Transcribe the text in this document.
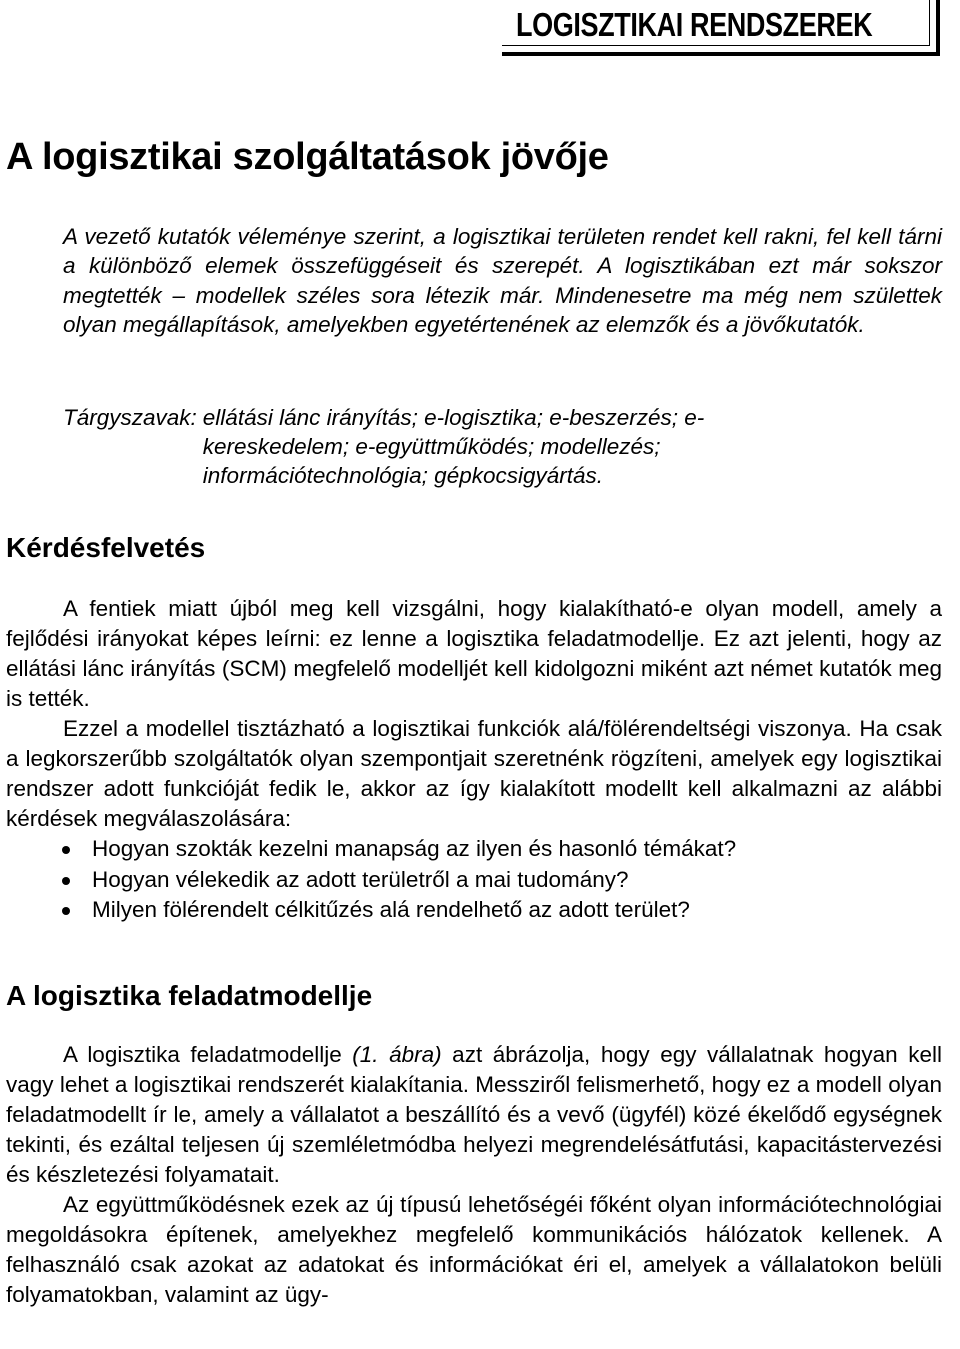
LOGISZTIKAI RENDSZEREK
A logisztikai szolgáltatások jövője

A vezető kutatók véleménye szerint, a logisztikai területen rendet kell rakni, fel kell tárni a különböző elemek összefüggéseit és szerepét. A logisztikában ezt már sokszor megtették – modellek széles sora létezik már. Mindenesetre ma még nem születtek olyan megállapítások, amelyekben egyetértenének az elemzők és a jövőkutatók.

Tárgyszavak: ellátási lánc irányítás; e-logisztika; e-beszerzés; e-kereskedelem; e-együttműködés; modellezés; információtechnológia; gépkocsigyártás.
Kérdésfelvetés

A fentiek miatt újból meg kell vizsgálni, hogy kialakítható-e olyan modell, amely a fejlődési irányokat képes leírni: ez lenne a logisztika feladatmodellje. Ez azt jelenti, hogy az ellátási lánc irányítás (SCM) megfelelő modelljét kell kidolgozni miként azt német kutatók meg is tették.

Ezzel a modellel tisztázható a logisztikai funkciók alá/fölérendeltségi viszonya. Ha csak a legkorszerűbb szolgáltatók olyan szempontjait szeretnénk rögzíteni, amelyek egy logisztikai rendszer adott funkcióját fedik le, akkor az így kialakított modellt kell alkalmazni az alábbi kérdések megválaszolására:

Hogyan szokták kezelni manapság az ilyen és hasonló témákat?
Hogyan vélekedik az adott területről a mai tudomány?
Milyen fölérendelt célkitűzés alá rendelhető az adott terület?
A logisztika feladatmodellje

A logisztika feladatmodellje (1. ábra) azt ábrázolja, hogy egy vállalatnak hogyan kell vagy lehet a logisztikai rendszerét kialakítania. Messziről felismerhető, hogy ez a modell olyan feladatmodellt ír le, amely a vállalatot a beszállító és a vevő (ügyfél) közé ékelődő egységnek tekinti, és ezáltal teljesen új szemléletmódba helyezi megrendelésátfutási, kapacitástervezési és készletezési folyamatait.

Az együttműködésnek ezek az új típusú lehetőségéi főként olyan információtechnológiai megoldásokra építenek, amelyekhez megfelelő kommunikációs hálózatok kellenek. A felhasználó csak azokat az adatokat és információkat éri el, amelyek a vállalatokon belüli folyamatokban, valamint az ügy-
